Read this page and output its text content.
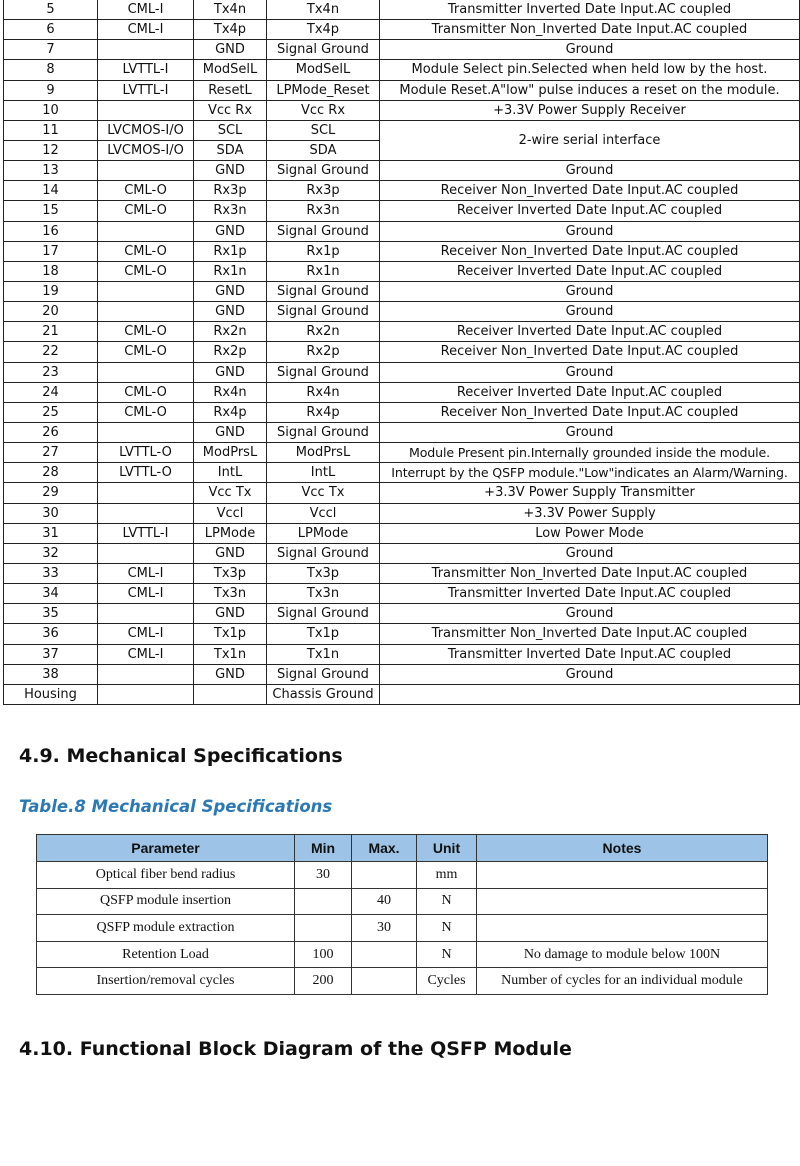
5	CML-I	Tx4n	Tx4n	Transmitter Inverted Date Input.AC coupled
6	CML-I	Tx4p	Tx4p	Transmitter Non_Inverted Date Input.AC coupled
7		GND	Signal Ground	Ground
8	LVTTL-I	ModSelL	ModSelL	Module Select pin.Selected when held low by the host.
9	LVTTL-I	ResetL	LPMode_Reset	Module Reset.A"low" pulse induces a reset on the module.
10		Vcc Rx	Vcc Rx	+3.3V Power Supply Receiver
11	LVCMOS-I/O	SCL	SCL	2-wire serial interface
12	LVCMOS-I/O	SDA	SDA	
13		GND	Signal Ground	Ground
14	CML-O	Rx3p	Rx3p	Receiver Non_Inverted Date Input.AC coupled
15	CML-O	Rx3n	Rx3n	Receiver Inverted Date Input.AC coupled
16		GND	Signal Ground	Ground
17	CML-O	Rx1p	Rx1p	Receiver Non_Inverted Date Input.AC coupled
18	CML-O	Rx1n	Rx1n	Receiver Inverted Date Input.AC coupled
19		GND	Signal Ground	Ground
20		GND	Signal Ground	Ground
21	CML-O	Rx2n	Rx2n	Receiver Inverted Date Input.AC coupled
22	CML-O	Rx2p	Rx2p	Receiver Non_Inverted Date Input.AC coupled
23		GND	Signal Ground	Ground
24	CML-O	Rx4n	Rx4n	Receiver Inverted Date Input.AC coupled
25	CML-O	Rx4p	Rx4p	Receiver Non_Inverted Date Input.AC coupled
26		GND	Signal Ground	Ground
27	LVTTL-O	ModPrsL	ModPrsL	Module Present pin.Internally grounded inside the module.
28	LVTTL-O	IntL	IntL	Interrupt by the QSFP module."Low"indicates an Alarm/Warning.
29		Vcc Tx	Vcc Tx	+3.3V Power Supply Transmitter
30		Vccl	Vccl	+3.3V Power Supply
31	LVTTL-I	LPMode	LPMode	Low Power Mode
32		GND	Signal Ground	Ground
33	CML-I	Tx3p	Tx3p	Transmitter Non_Inverted Date Input.AC coupled
34	CML-I	Tx3n	Tx3n	Transmitter Inverted Date Input.AC coupled
35		GND	Signal Ground	Ground
36	CML-I	Tx1p	Tx1p	Transmitter Non_Inverted Date Input.AC coupled
37	CML-I	Tx1n	Tx1n	Transmitter Inverted Date Input.AC coupled
38		GND	Signal Ground	Ground
Housing			Chassis Ground	
4.9. Mechanical Specifications

Table.8 Mechanical Specifications

Parameter	Min	Max.	Unit	Notes
Optical fiber bend radius	30		mm	
QSFP module insertion		40	N	
QSFP module extraction		30	N	
Retention Load	100		N	No damage to module below 100N
Insertion/removal cycles	200		Cycles	Number of cycles for an individual module
4.10. Functional Block Diagram of the QSFP Module
